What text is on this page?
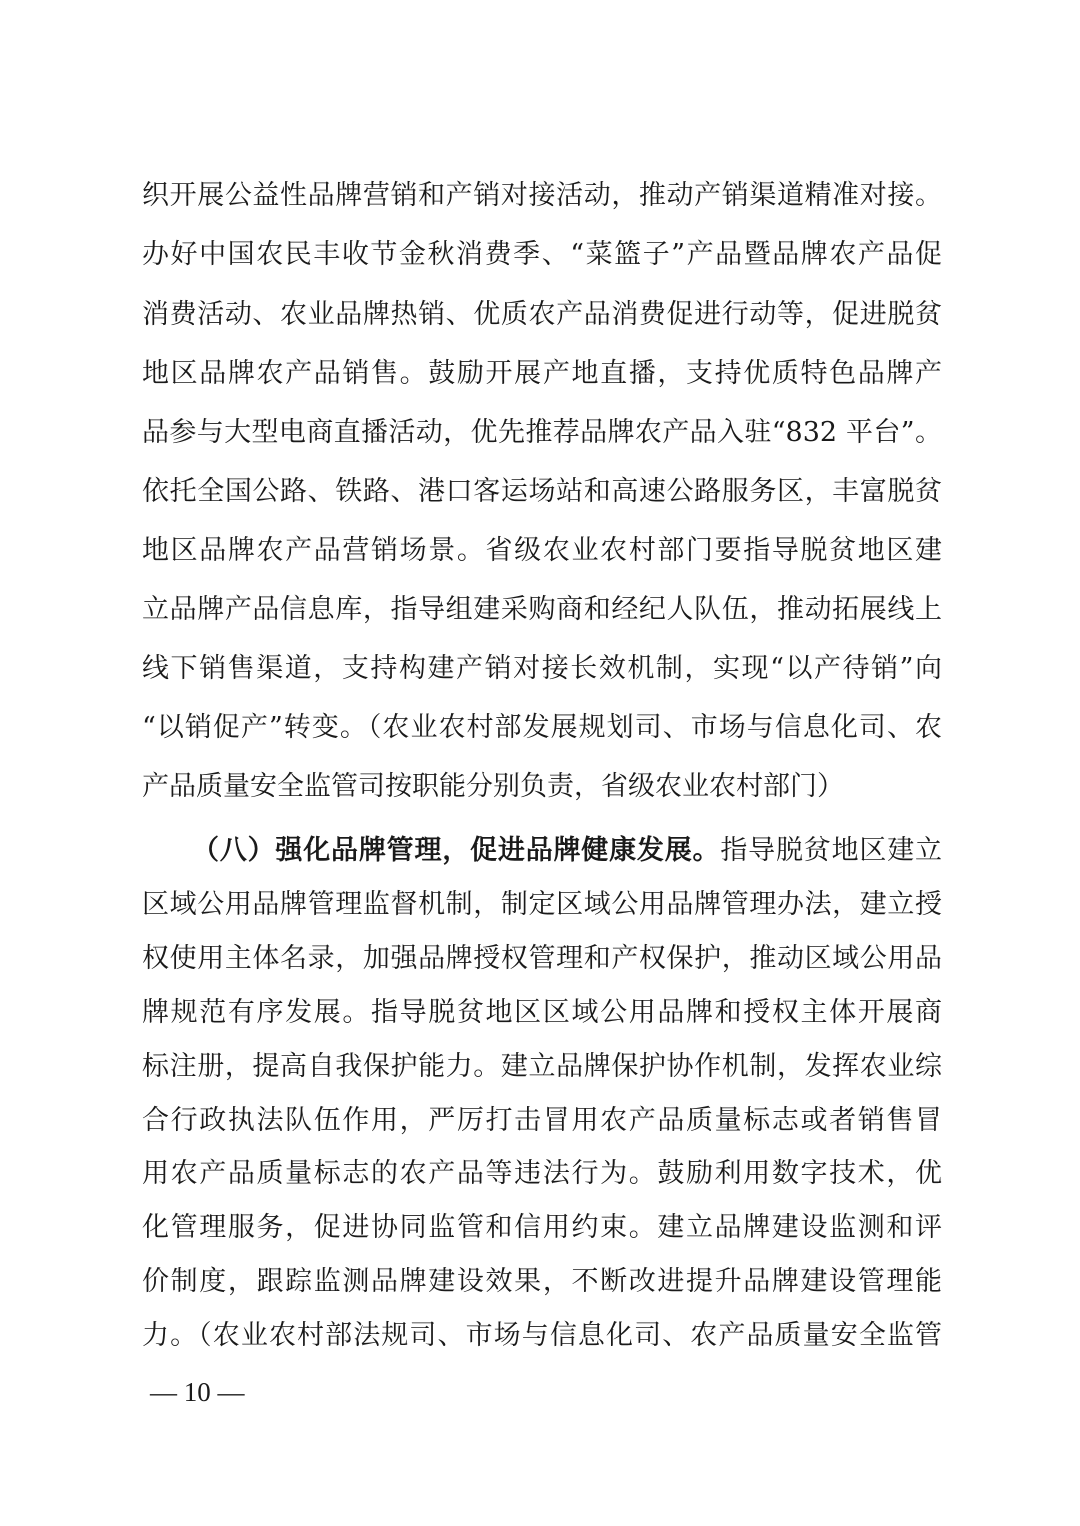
织开展公益性品牌营销和产销对接活动，推动产销渠道精准对接。
办好中国农民丰收节金秋消费季、“菜篮子”产品暨品牌农产品促
消费活动、农业品牌热销、优质农产品消费促进行动等，促进脱贫
地区品牌农产品销售。鼓励开展产地直播，支持优质特色品牌产
品参与大型电商直播活动，优先推荐品牌农产品入驻“832 平台”。
依托全国公路、铁路、港口客运场站和高速公路服务区，丰富脱贫
地区品牌农产品营销场景。省级农业农村部门要指导脱贫地区建
立品牌产品信息库，指导组建采购商和经纪人队伍，推动拓展线上
线下销售渠道，支持构建产销对接长效机制，实现“以产待销”向
“以销促产”转变。（农业农村部发展规划司、市场与信息化司、农
产品质量安全监管司按职能分别负责，省级农业农村部门）
（八）强化品牌管理，促进品牌健康发展。指导脱贫地区建立
区域公用品牌管理监督机制，制定区域公用品牌管理办法，建立授
权使用主体名录，加强品牌授权管理和产权保护，推动区域公用品
牌规范有序发展。指导脱贫地区区域公用品牌和授权主体开展商
标注册，提高自我保护能力。建立品牌保护协作机制，发挥农业综
合行政执法队伍作用，严厉打击冒用农产品质量标志或者销售冒
用农产品质量标志的农产品等违法行为。鼓励利用数字技术，优
化管理服务，促进协同监管和信用约束。建立品牌建设监测和评
价制度，跟踪监测品牌建设效果，不断改进提升品牌建设管理能
— 10 —
力。（农业农村部法规司、市场与信息化司、农产品质量安全监管
